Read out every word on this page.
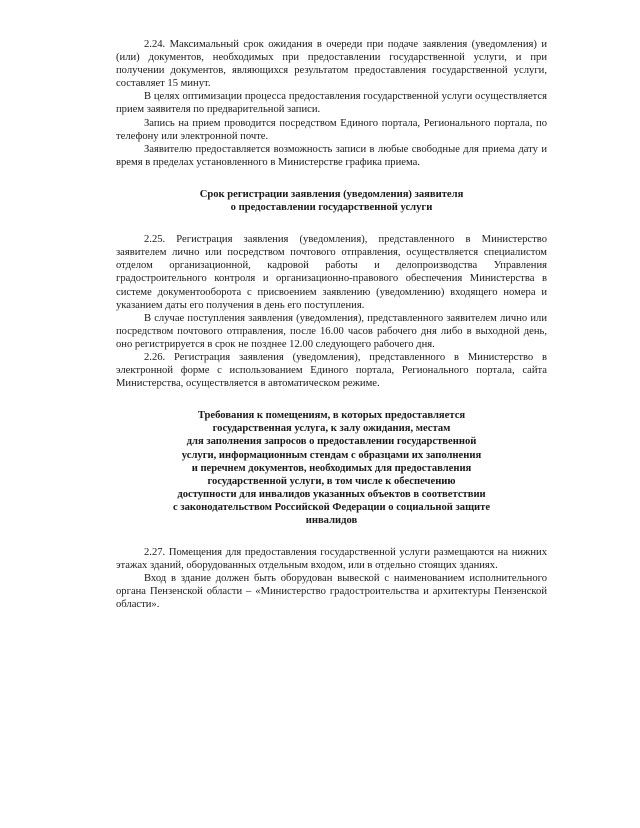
2.24. Максимальный срок ожидания в очереди при подаче заявления (уведомления) и (или) документов, необходимых при предоставлении государственной услуги, и при получении документов, являющихся результатом предоставления государственной услуги, составляет 15 минут.

В целях оптимизации процесса предоставления государственной услуги осуществляется прием заявителя по предварительной записи.

Запись на прием проводится посредством Единого портала, Регионального портала, по телефону или электронной почте.

Заявителю предоставляется возможность записи в любые свободные для приема дату и время в пределах установленного в Министерстве графика приема.

Срок регистрации заявления (уведомления) заявителя
о предоставлении государственной услуги

2.25. Регистрация заявления (уведомления), представленного в Министерство заявителем лично или посредством почтового отправления, осуществляется специалистом отделом организационной, кадровой работы и делопроизводства Управления градостроительного контроля и организационно-правового обеспечения Министерства в системе документооборота с присвоением заявлению (уведомлению) входящего номера и указанием даты его получения в день его поступления.

В случае поступления заявления (уведомления), представленного заявителем лично или посредством почтового отправления, после 16.00 часов рабочего дня либо в выходной день, оно регистрируется в срок не позднее 12.00 следующего рабочего дня.

2.26. Регистрация заявления (уведомления), представленного в Министерство в электронной форме с использованием Единого портала, Регионального портала, сайта Министерства, осуществляется в автоматическом режиме.

Требования к помещениям, в которых предоставляется
государственная услуга, к залу ожидания, местам
для заполнения запросов о предоставлении государственной
услуги, информационным стендам с образцами их заполнения
и перечнем документов, необходимых для предоставления
государственной услуги, в том числе к обеспечению
доступности для инвалидов указанных объектов в соответствии
с законодательством Российской Федерации о социальной защите
инвалидов

2.27. Помещения для предоставления государственной услуги размещаются на нижних этажах зданий, оборудованных отдельным входом, или в отдельно стоящих зданиях.

Вход в здание должен быть оборудован вывеской с наименованием исполнительного органа Пензенской области – «Министерство градостроительства и архитектуры Пензенской области».
